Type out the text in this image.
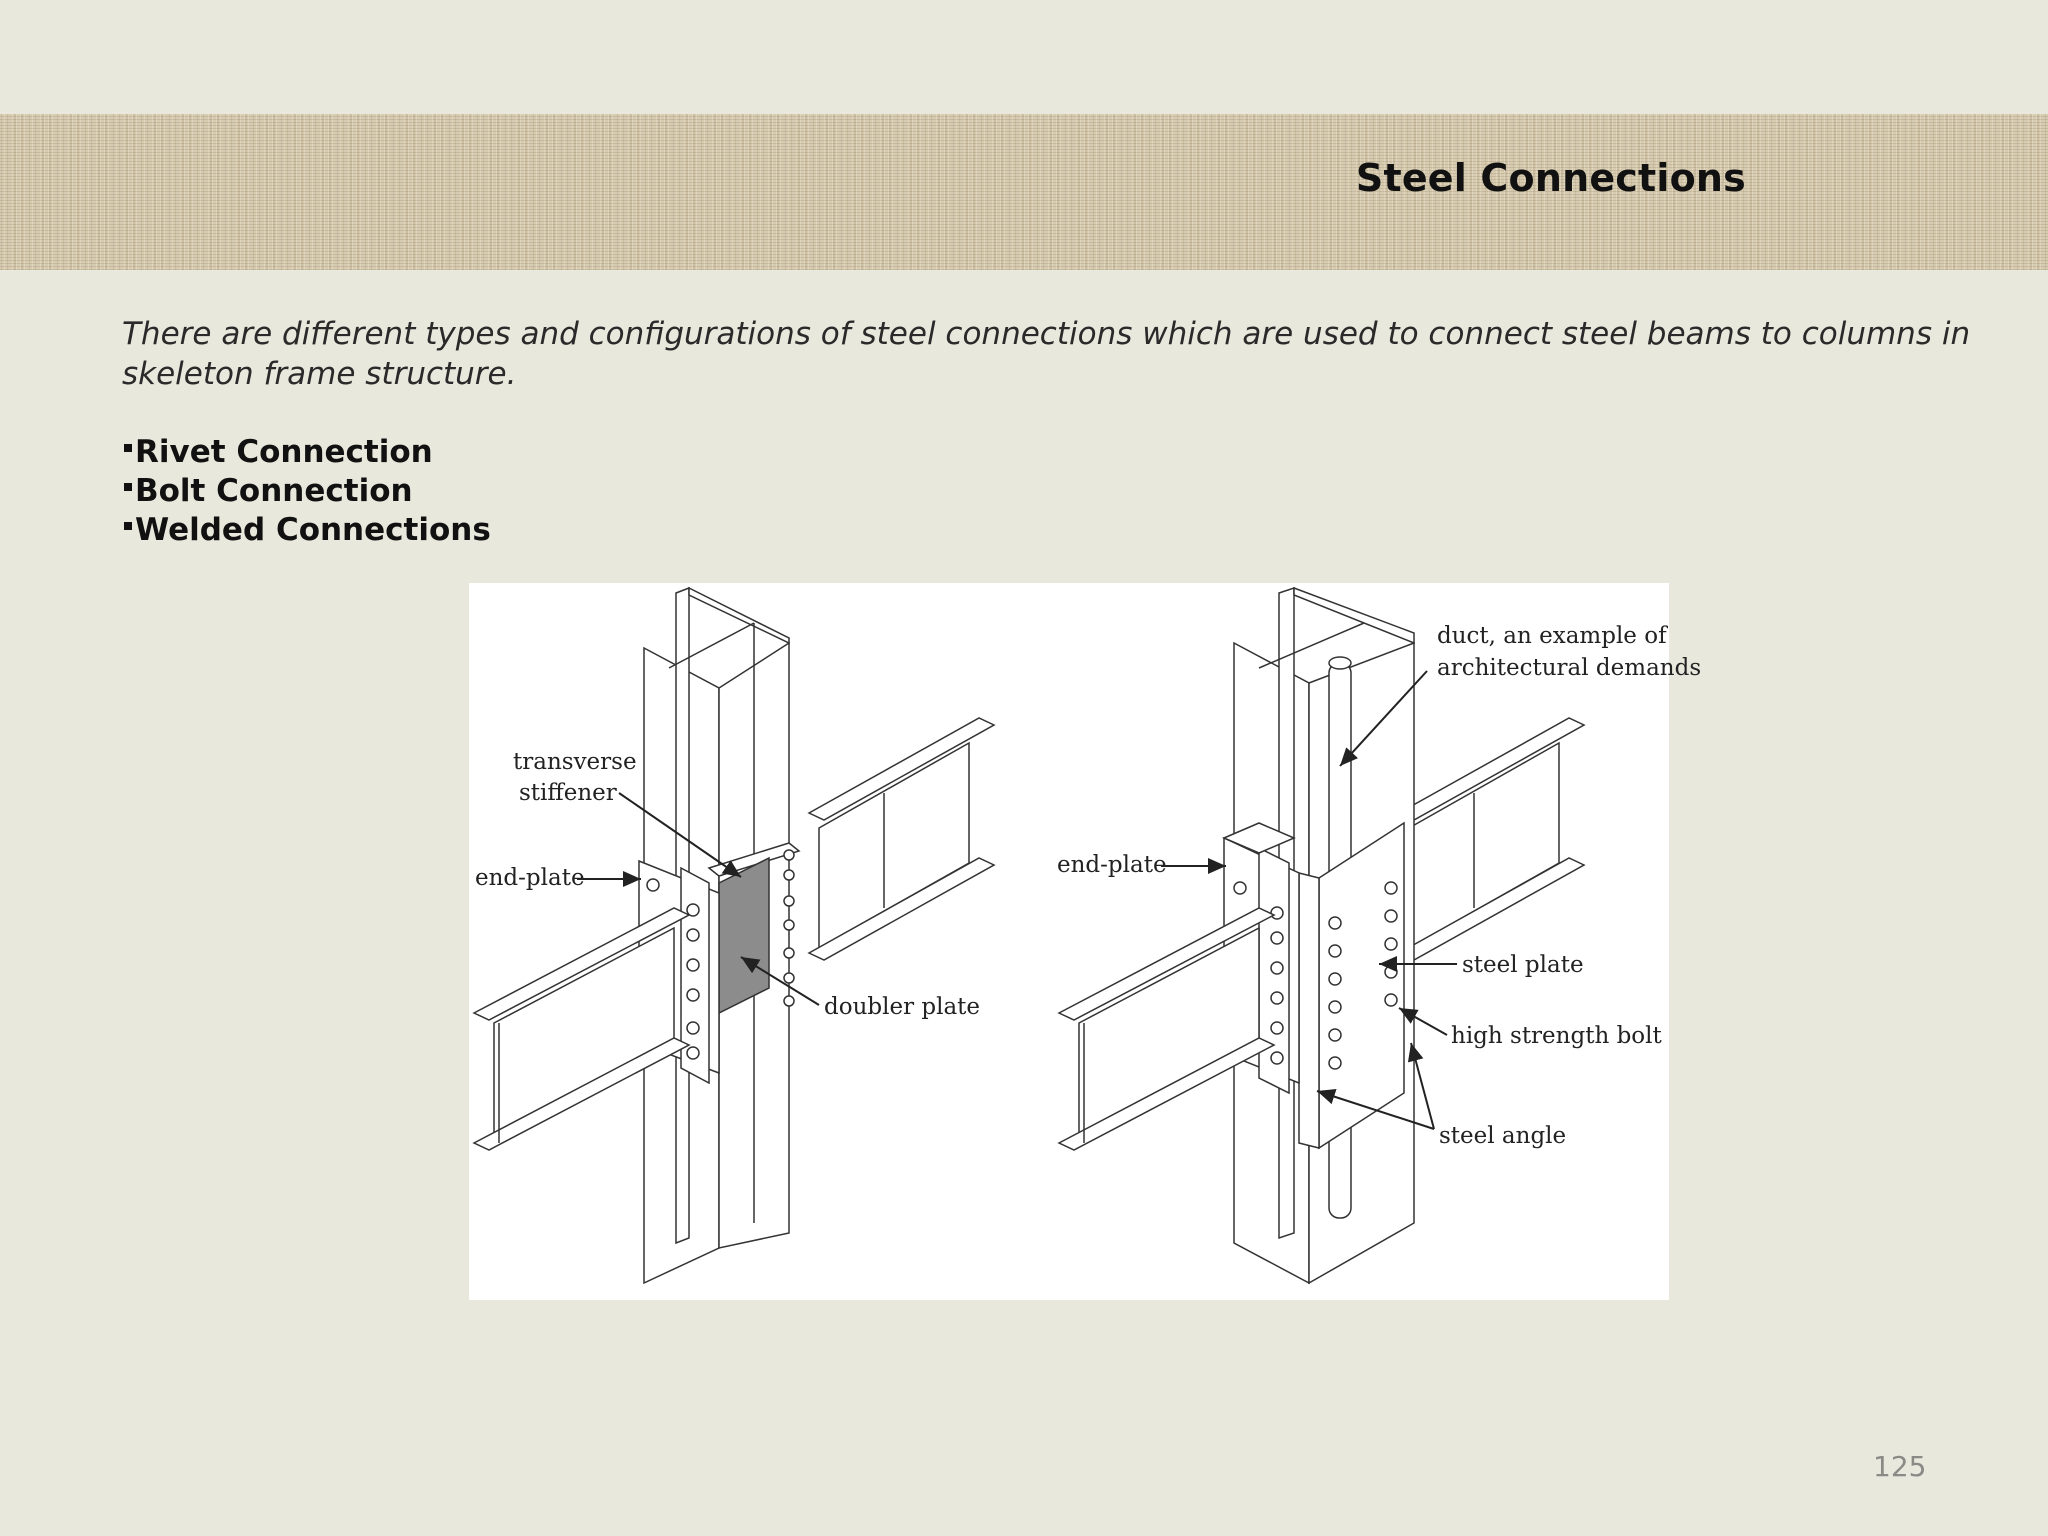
Steel Connections

There are different types and configurations of steel connections which are used to connect steel beams to columns in skeleton frame structure.

Rivet Connection
Bolt Connection
Welded Connections
transverse
stiffener
end-plate
doubler plate
duct, an example of
architectural demands
end-plate
steel plate
high strength bolt
steel angle
125
